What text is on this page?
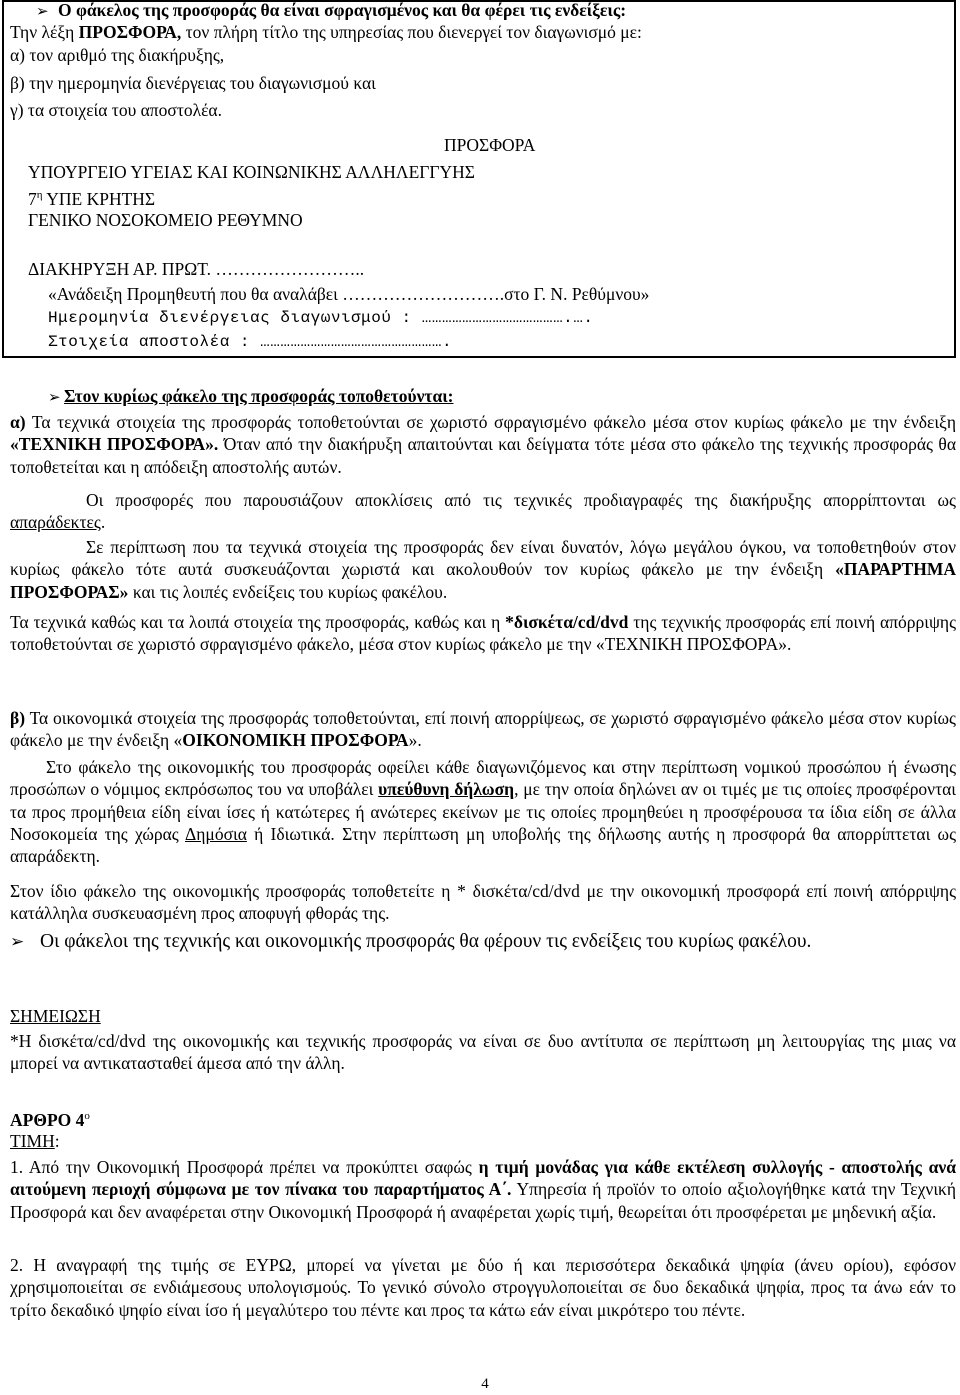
➢ Ο φάκελος της προσφοράς θα είναι σφραγισμένος και θα φέρει τις ενδείξεις:
Την λέξη ΠΡΟΣΦΟΡΑ, τον πλήρη τίτλο της υπηρεσίας που διενεργεί τον διαγωνισμό με:
α) τον αριθμό της διακήρυξης,
β) την ημερομηνία διενέργειας του διαγωνισμού και
γ) τα στοιχεία του αποστολέα.
ΠΡΟΣΦΟΡΑ
ΥΠΟΥΡΓΕΙΟ ΥΓΕΙΑΣ ΚΑΙ ΚΟΙΝΩΝΙΚΗΣ ΑΛΛΗΛΕΓΓΥΗΣ
$7^\eta$ ΥΠΕ ΚΡΗΤΗΣ
ΓΕΝΙΚΟ ΝΟΣΟΚΟΜΕΙΟ ΡΕΘΥΜΝΟ
ΔΙΑΚΗΡΥΞΗ ΑΡ. ΠΡΩΤ. ……………………..
«Ανάδειξη Προμηθευτή που θα αναλάβει ……………………….στο Γ. Ν. Ρεθύμνου»
Ημερομηνία διενέργειας διαγωνισμού : …………………………………….….
Στοιχεία αποστολέα : ……………………………………………….
➢ Στον κυρίως φάκελο της προσφοράς τοποθετούνται:
α) Τα τεχνικά στοιχεία της προσφοράς τοποθετούνται σε χωριστό σφραγισμένο φάκελο μέσα στον κυρίως φάκελο με την ένδειξη «ΤΕΧΝΙΚΗ ΠΡΟΣΦΟΡΑ». Όταν από την διακήρυξη απαιτούνται και δείγματα τότε μέσα στο φάκελο της τεχνικής προσφοράς θα τοποθετείται και η απόδειξη αποστολής αυτών.
Οι προσφορές που παρουσιάζουν αποκλίσεις από τις τεχνικές προδιαγραφές της διακήρυξης απορρίπτονται ως απαράδεκτες.
Σε περίπτωση που τα τεχνικά στοιχεία της προσφοράς δεν είναι δυνατόν, λόγω μεγάλου όγκου, να τοποθετηθούν στον κυρίως φάκελο τότε αυτά συσκευάζονται χωριστά και ακολουθούν τον κυρίως φάκελο με την ένδειξη «ΠΑΡΑΡΤΗΜΑ ΠΡΟΣΦΟΡΑΣ» και τις λοιπές ενδείξεις του κυρίως φακέλου.
Τα τεχνικά καθώς και τα λοιπά στοιχεία της προσφοράς, καθώς και η *δισκέτα/cd/dvd της τεχνικής προσφοράς επί ποινή απόρριψης τοποθετούνται σε χωριστό σφραγισμένο φάκελο, μέσα στον κυρίως φάκελο με την «ΤΕΧΝΙΚΗ ΠΡΟΣΦΟΡΑ».
β) Τα οικονομικά στοιχεία της προσφοράς τοποθετούνται, επί ποινή απορρίψεως, σε χωριστό σφραγισμένο φάκελο μέσα στον κυρίως φάκελο με την ένδειξη «ΟΙΚΟΝΟΜΙΚΗ ΠΡΟΣΦΟΡΑ».
Στο φάκελο της οικονομικής του προσφοράς οφείλει κάθε διαγωνιζόμενος και στην περίπτωση νομικού προσώπου ή ένωσης προσώπων ο νόμιμος εκπρόσωπος του να υποβάλει υπεύθυνη δήλωση, με την οποία δηλώνει αν οι τιμές με τις οποίες προσφέρονται τα προς προμήθεια είδη είναι ίσες ή κατώτερες ή ανώτερες εκείνων με τις οποίες προμηθεύει η προσφέρουσα τα ίδια είδη σε άλλα Νοσοκομεία της χώρας Δημόσια ή Ιδιωτικά. Στην περίπτωση μη υποβολής της δήλωσης αυτής η προσφορά θα απορρίπτεται ως απαράδεκτη.
Στον ίδιο φάκελο της οικονομικής προσφοράς τοποθετείτε η * δισκέτα/cd/dvd με την οικονομική προσφορά επί ποινή απόρριψης κατάλληλα συσκευασμένη προς αποφυγή φθοράς της.
➢ Οι φάκελοι της τεχνικής και οικονομικής προσφοράς θα φέρουν τις ενδείξεις του κυρίως φακέλου.
ΣΗΜΕΙΩΣΗ
*Η δισκέτα/cd/dvd της οικονομικής και τεχνικής προσφοράς να είναι σε δυο αντίτυπα σε περίπτωση μη λειτουργίας της μιας να μπορεί να αντικατασταθεί άμεσα από την άλλη.
ΑΡΘΡΟ $4^o$
ΤΙΜΗ:
1. Από την Οικονομική Προσφορά πρέπει να προκύπτει σαφώς η τιμή μονάδας για κάθε εκτέλεση συλλογής - αποστολής ανά αιτούμενη περιοχή σύμφωνα με τον πίνακα του παραρτήματος Α΄. Υπηρεσία ή προϊόν το οποίο αξιολογήθηκε κατά την Τεχνική Προσφορά και δεν αναφέρεται στην Οικονομική Προσφορά ή αναφέρεται χωρίς τιμή, θεωρείται ότι προσφέρεται με μηδενική αξία.
2. Η αναγραφή της τιμής σε ΕΥΡΩ, μπορεί να γίνεται με δύο ή και περισσότερα δεκαδικά ψηφία (άνευ ορίου), εφόσον χρησιμοποιείται σε ενδιάμεσους υπολογισμούς. Το γενικό σύνολο στρογγυλοποιείται σε δυο δεκαδικά ψηφία, προς τα άνω εάν το τρίτο δεκαδικό ψηφίο είναι ίσο ή μεγαλύτερο του πέντε και προς τα κάτω εάν είναι μικρότερο του πέντε.
4
